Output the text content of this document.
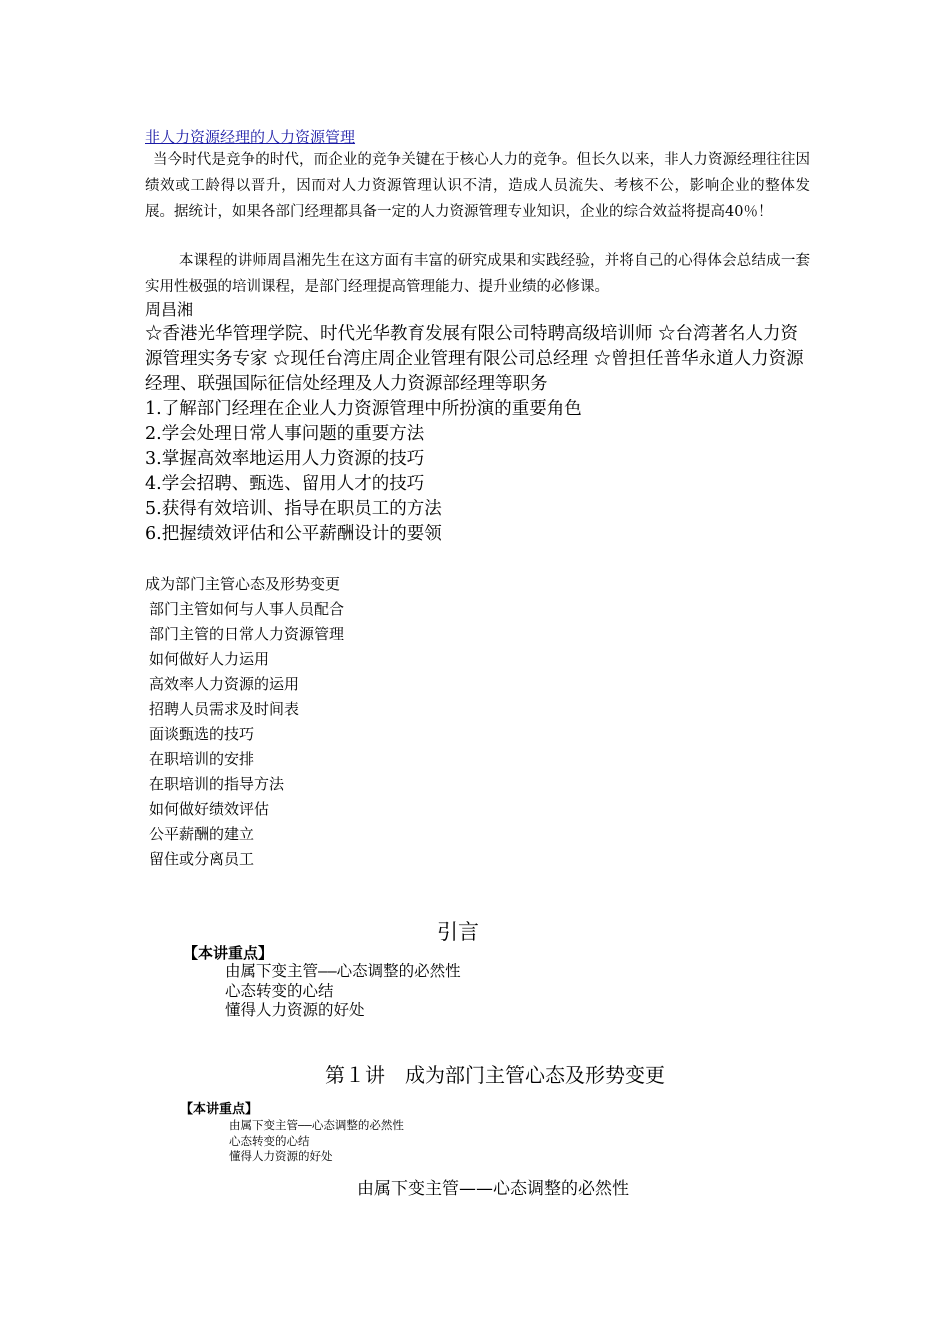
非人力资源经理的人力资源管理

当今时代是竞争的时代，而企业的竞争关键在于核心人力的竞争。但长久以来，非人力资源经理往往因绩效或工龄得以晋升，因而对人力资源管理认识不清，造成人员流失、考核不公，影响企业的整体发展。据统计，如果各部门经理都具备一定的人力资源管理专业知识，企业的综合效益将提高40％！

本课程的讲师周昌湘先生在这方面有丰富的研究成果和实践经验，并将自己的心得体会总结成一套实用性极强的培训课程，是部门经理提高管理能力、提升业绩的必修课。

周昌湘

☆香港光华管理学院、时代光华教育发展有限公司特聘高级培训师 ☆台湾著名人力资源管理实务专家 ☆现任台湾庄周企业管理有限公司总经理 ☆曾担任普华永道人力资源经理、联强国际征信处经理及人力资源部经理等职务

1.了解部门经理在企业人力资源管理中所扮演的重要角色
2.学会处理日常人事问题的重要方法
3.掌握高效率地运用人力资源的技巧
4.学会招聘、甄选、留用人才的技巧
5.获得有效培训、指导在职员工的方法
6.把握绩效评估和公平薪酬设计的要领
成为部门主管心态及形势变更
部门主管如何与人事人员配合
部门主管的日常人力资源管理
如何做好人力运用
高效率人力资源的运用
招聘人员需求及时间表
面谈甄选的技巧
在职培训的安排
在职培训的指导方法
如何做好绩效评估
公平薪酬的建立
留住或分离员工
引言
【本讲重点】
由属下变主管——心态调整的必然性
心态转变的心结
懂得人力资源的好处
第１讲　成为部门主管心态及形势变更
【本讲重点】
由属下变主管——心态调整的必然性
心态转变的心结
懂得人力资源的好处
由属下变主管——心态调整的必然性
